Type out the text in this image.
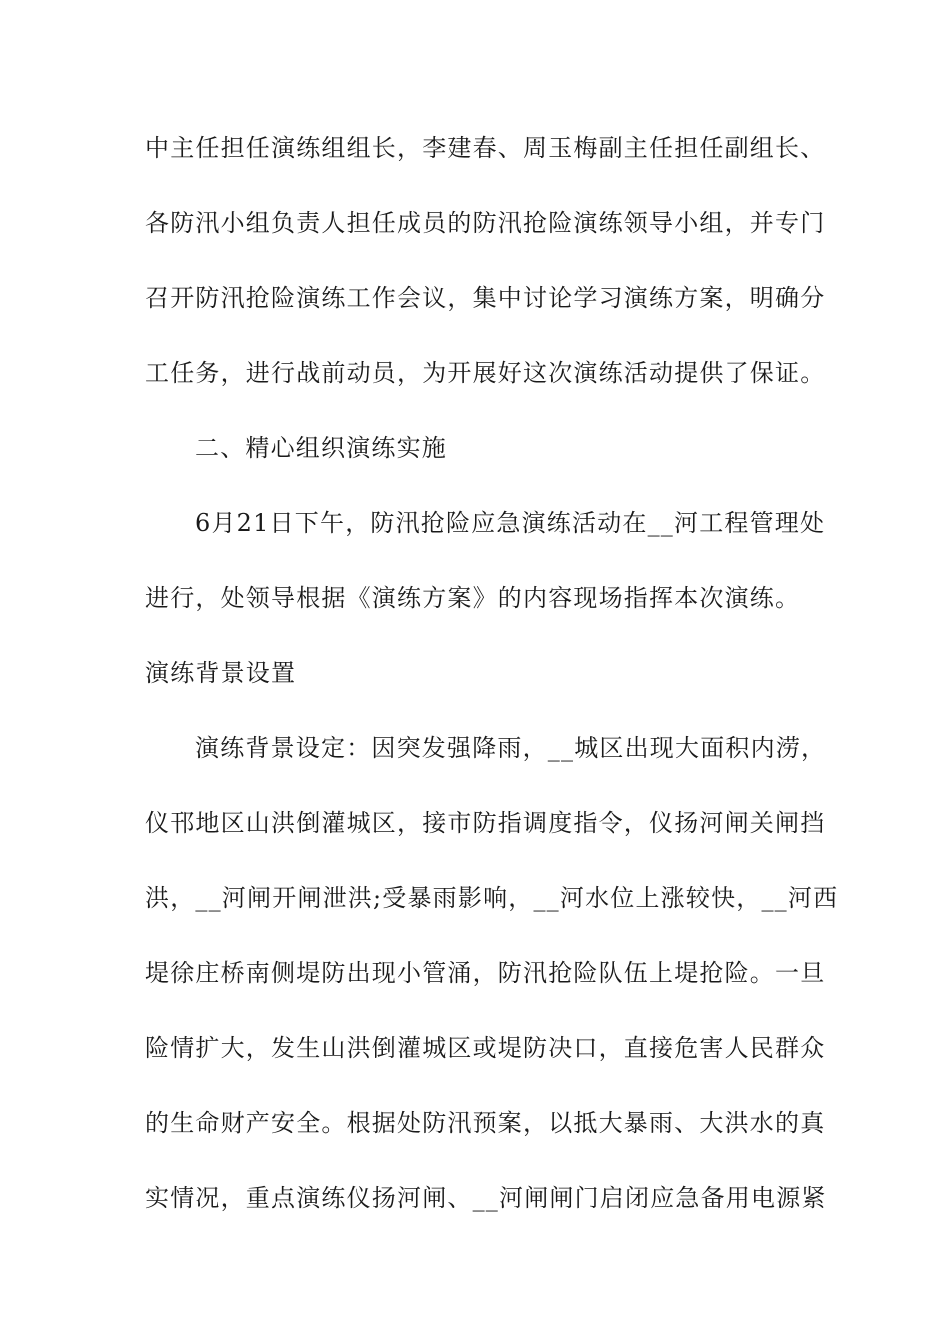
中主任担任演练组组长，李建春、周玉梅副主任担任副组长、
各防汛小组负责人担任成员的防汛抢险演练领导小组，并专门
召开防汛抢险演练工作会议，集中讨论学习演练方案，明确分
工任务，进行战前动员，为开展好这次演练活动提供了保证。
二、精心组织演练实施
6月21日下午，防汛抢险应急演练活动在__河工程管理处
进行，处领导根据《演练方案》的内容现场指挥本次演练。
演练背景设置
演练背景设定：因突发强降雨，__城区出现大面积内涝，
仪邗地区山洪倒灌城区，接市防指调度指令，仪扬河闸关闸挡
洪，__河闸开闸泄洪;受暴雨影响，__河水位上涨较快，__河西
堤徐庄桥南侧堤防出现小管涌，防汛抢险队伍上堤抢险。一旦
险情扩大，发生山洪倒灌城区或堤防决口，直接危害人民群众
的生命财产安全。根据处防汛预案，以抵大暴雨、大洪水的真
实情况，重点演练仪扬河闸、__河闸闸门启闭应急备用电源紧
